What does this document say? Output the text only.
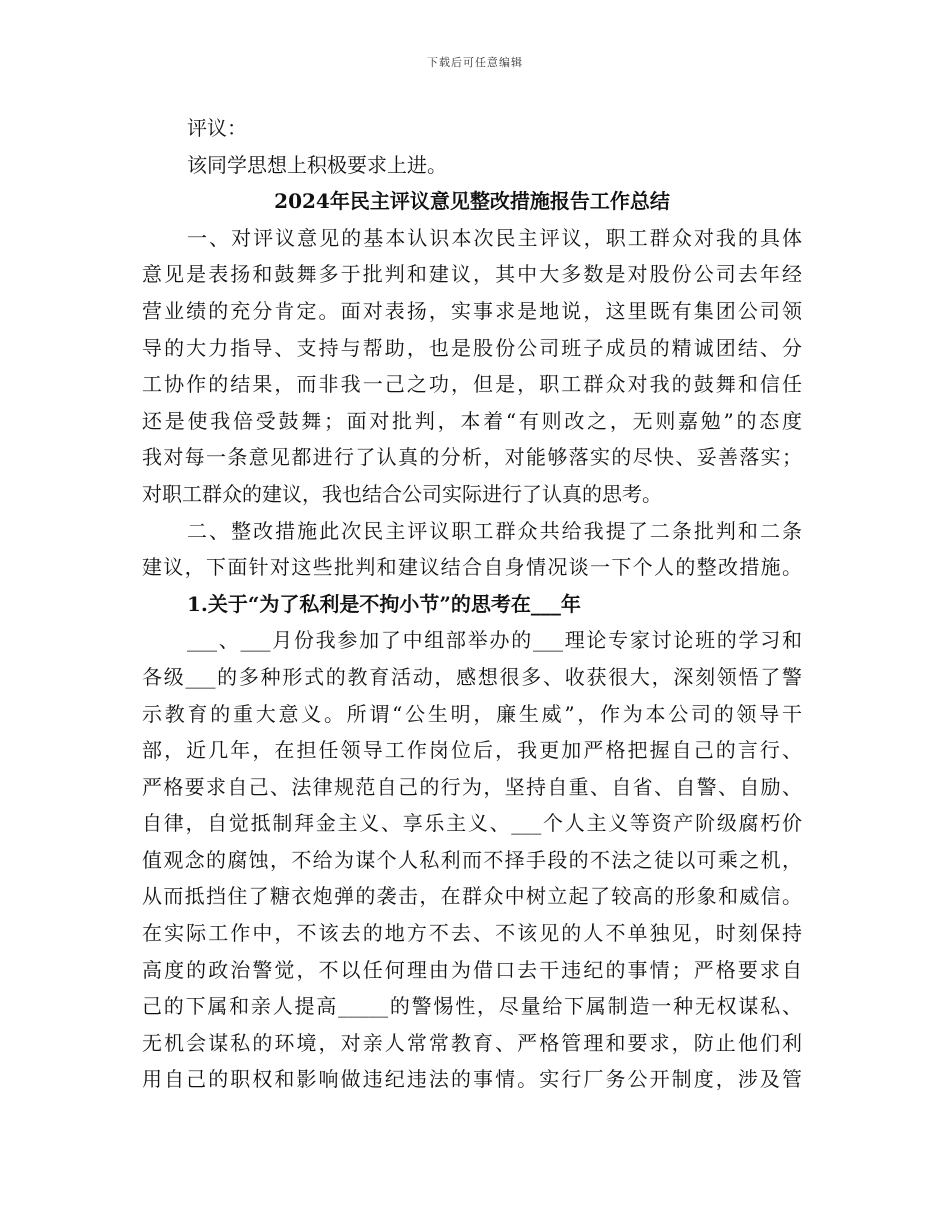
下载后可任意编辑
评议：
该同学思想上积极要求上进。
2024年民主评议意见整改措施报告工作总结
一、对评议意见的基本认识本次民主评议，职工群众对我的具体
意见是表扬和鼓舞多于批判和建议，其中大多数是对股份公司去年经
营业绩的充分肯定。面对表扬，实事求是地说，这里既有集团公司领
导的大力指导、支持与帮助，也是股份公司班子成员的精诚团结、分
工协作的结果，而非我一己之功，但是，职工群众对我的鼓舞和信任
还是使我倍受鼓舞；面对批判，本着“有则改之，无则嘉勉”的态度
我对每一条意见都进行了认真的分析，对能够落实的尽快、妥善落实；
对职工群众的建议，我也结合公司实际进行了认真的思考。
二、整改措施此次民主评议职工群众共给我提了二条批判和二条
建议，下面针对这些批判和建议结合自身情况谈一下个人的整改措施。
1.关于“为了私利是不拘小节”的思考在___年
___、___月份我参加了中组部举办的___理论专家讨论班的学习和
各级___的多种形式的教育活动，感想很多、收获很大，深刻领悟了警
示教育的重大意义。所谓“公生明，廉生威”，作为本公司的领导干
部，近几年，在担任领导工作岗位后，我更加严格把握自己的言行、
严格要求自己、法律规范自己的行为，坚持自重、自省、自警、自励、
自律，自觉抵制拜金主义、享乐主义、___个人主义等资产阶级腐朽价
值观念的腐蚀，不给为谋个人私利而不择手段的不法之徒以可乘之机，
从而抵挡住了糖衣炮弹的袭击，在群众中树立起了较高的形象和威信。
在实际工作中，不该去的地方不去、不该见的人不单独见，时刻保持
高度的政治警觉，不以任何理由为借口去干违纪的事情；严格要求自
己的下属和亲人提高_____的警惕性，尽量给下属制造一种无权谋私、
无机会谋私的环境，对亲人常常教育、严格管理和要求，防止他们利
用自己的职权和影响做违纪违法的事情。实行厂务公开制度，涉及管
